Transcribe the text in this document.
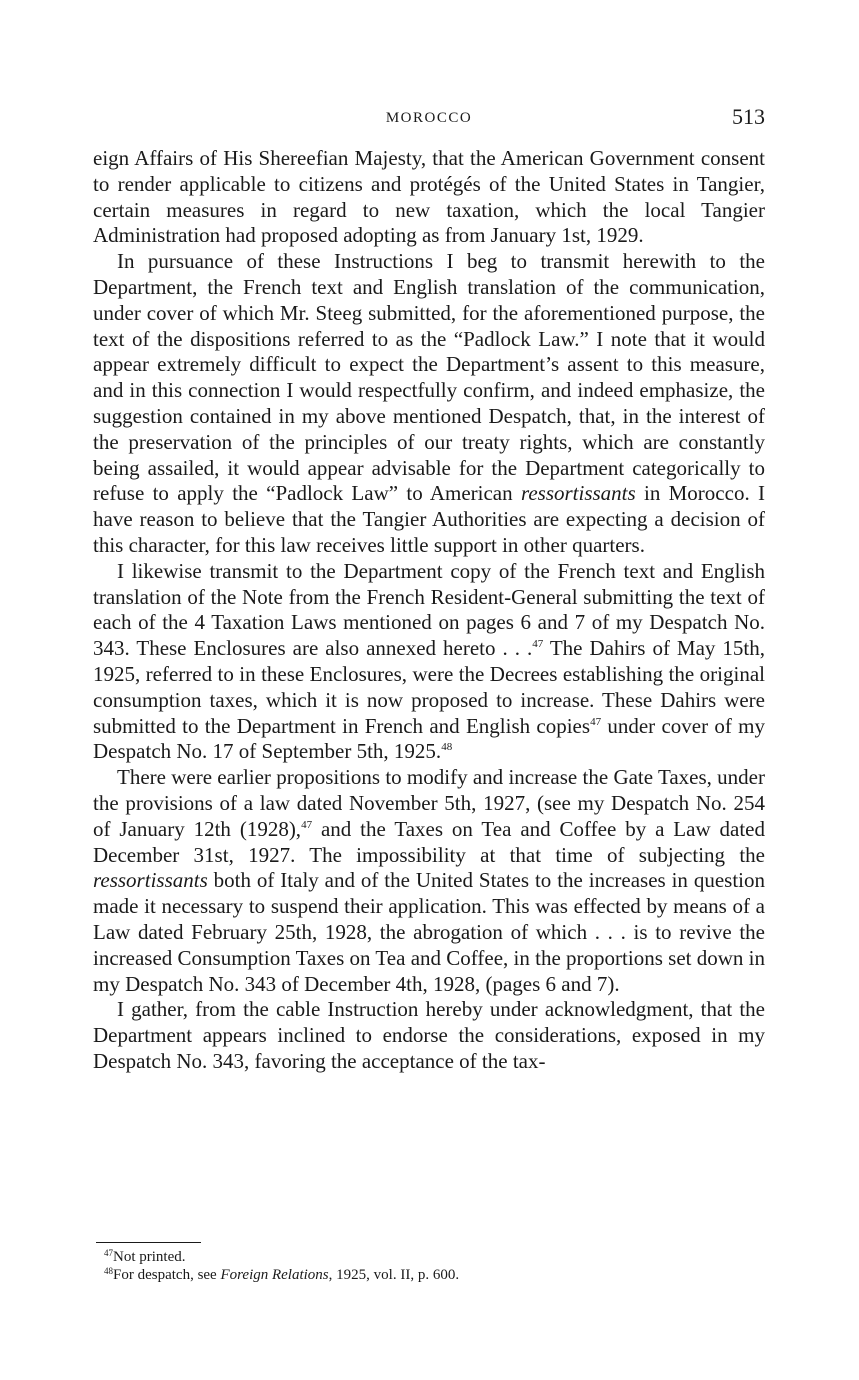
MOROCCO	513

eign Affairs of His Shereefian Majesty, that the American Government consent to render applicable to citizens and protégés of the United States in Tangier, certain measures in regard to new taxation, which the local Tangier Administration had proposed adopting as from January 1st, 1929.

In pursuance of these Instructions I beg to transmit herewith to the Department, the French text and English translation of the communication, under cover of which Mr. Steeg submitted, for the aforementioned purpose, the text of the dispositions referred to as the “Padlock Law.” I note that it would appear extremely difficult to expect the Department’s assent to this measure, and in this connection I would respectfully confirm, and indeed emphasize, the suggestion contained in my above mentioned Despatch, that, in the interest of the preservation of the principles of our treaty rights, which are constantly being assailed, it would appear advisable for the Department categorically to refuse to apply the “Padlock Law” to American ressortissants in Morocco. I have reason to believe that the Tangier Authorities are expecting a decision of this character, for this law receives little support in other quarters.

I likewise transmit to the Department copy of the French text and English translation of the Note from the French Resident-General submitting the text of each of the 4 Taxation Laws mentioned on pages 6 and 7 of my Despatch No. 343. These Enclosures are also annexed hereto . . .$^{47}$ The Dahirs of May 15th, 1925, referred to in these Enclosures, were the Decrees establishing the original consumption taxes, which it is now proposed to increase. These Dahirs were submitted to the Department in French and English copies$^{47}$ under cover of my Despatch No. 17 of September 5th, 1925.48

There were earlier propositions to modify and increase the Gate Taxes, under the provisions of a law dated November 5th, 1927, (see my Despatch No. 254 of January 12th (1928),$^{47}$ and the Taxes on Tea and Coffee by a Law dated December 31st, 1927. The impossibility at that time of subjecting the ressortissants both of Italy and of the United States to the increases in question made it necessary to suspend their application. This was effected by means of a Law dated February 25th, 1928, the abrogation of which . . . is to revive the increased Consumption Taxes on Tea and Coffee, in the proportions set down in my Despatch No. 343 of December 4th, 1928, (pages 6 and 7).

I gather, from the cable Instruction hereby under acknowledgment, that the Department appears inclined to endorse the considerations, exposed in my Despatch No. 343, favoring the acceptance of the tax-

$^{47}$Not printed.

$^{48}$For despatch, see Foreign Relations, 1925, vol. II, p. 600.
